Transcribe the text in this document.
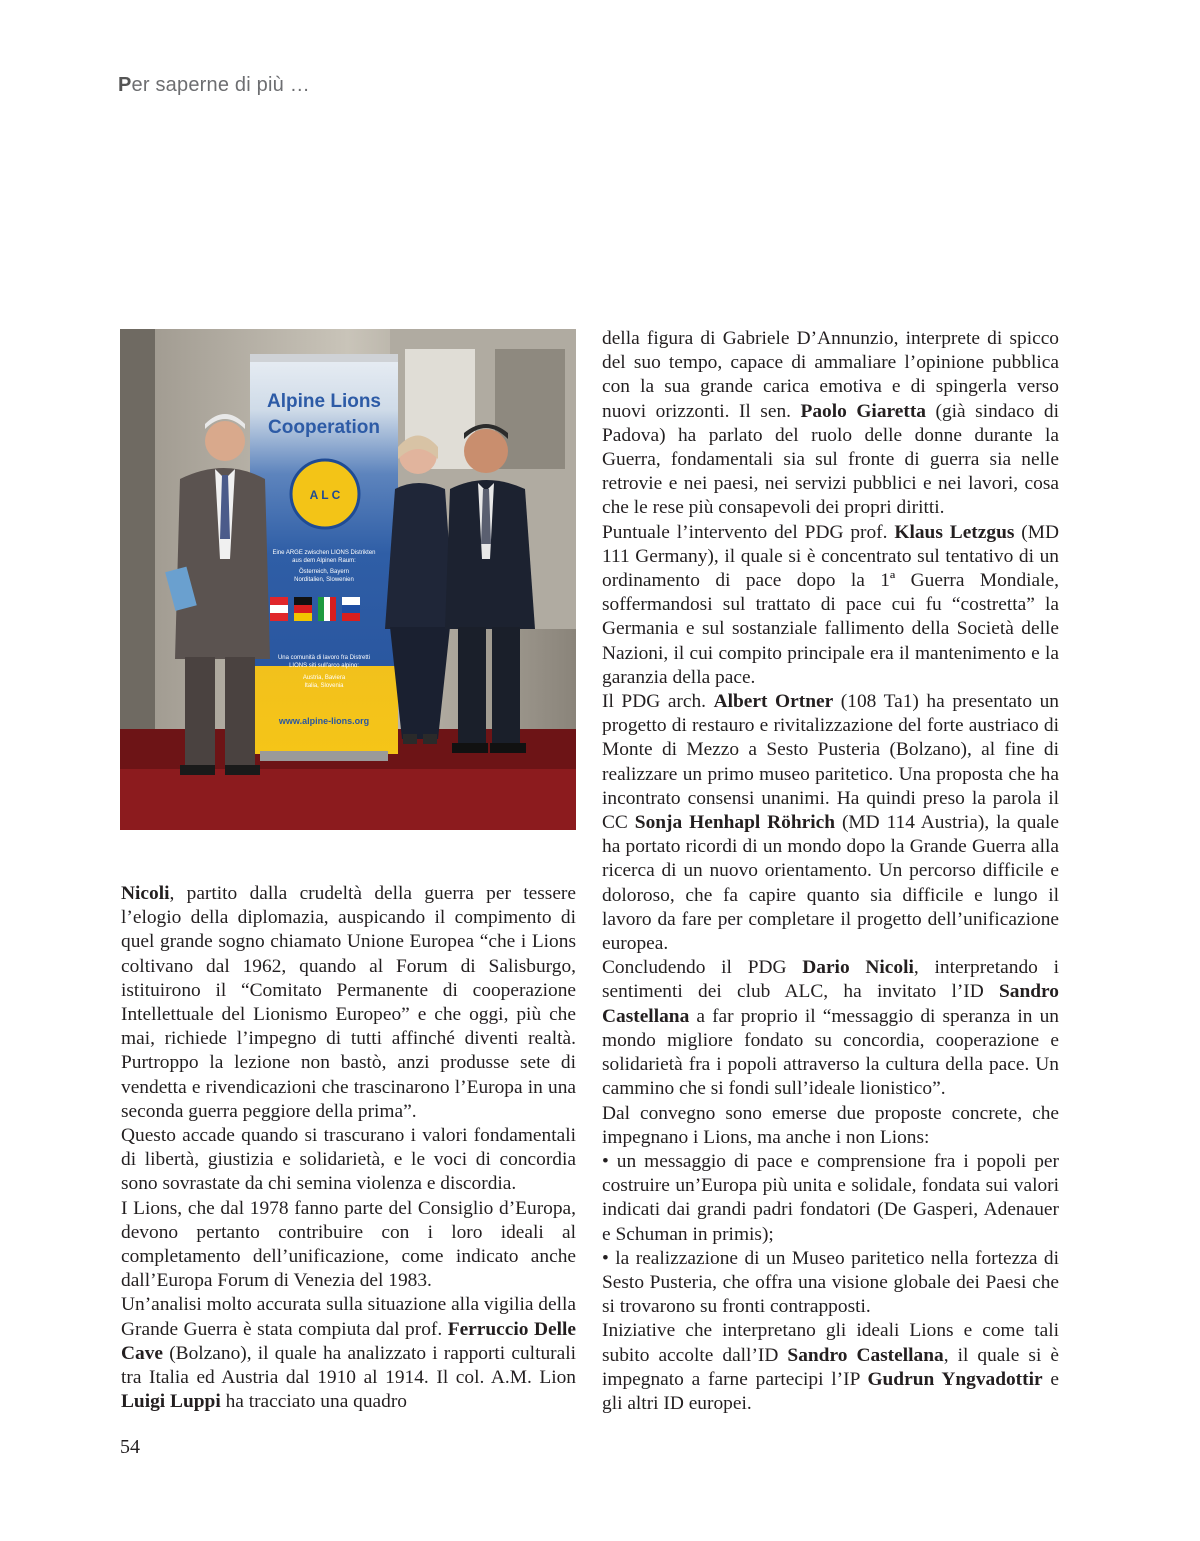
Per saperne di più …
Alpine Lions
Cooperation
A L C
Eine ARGE zwischen LIONS Distrikten
aus dem Alpinen Raum:
Österreich, Bayern
Norditalien, Slowenien
Una comunità di lavoro fra Distretti
LIONS siti sull'arco alpino:
Austria, Baviera
Italia, Slovenia
www.alpine-lions.org

Nicoli, partito dalla crudeltà della guerra per tessere l’elogio della diplomazia, auspicando il compimento di quel grande sogno chiamato Unione Europea “che i Lions coltivano dal 1962, quando al Forum di Salisburgo, istituirono il “Comitato Permanente di cooperazione Intellettuale del Lionismo Europeo” e che oggi, più che mai, richiede l’impegno di tutti affinché diventi realtà. Purtroppo la lezione non bastò, anzi produsse sete di vendetta e rivendicazioni che trascinarono l’Europa in una seconda guerra peggiore della prima”.

Questo accade quando si trascurano i valori fondamentali di libertà, giustizia e solidarietà, e le voci di concordia sono sovrastate da chi semina violenza e discordia.

I Lions, che dal 1978 fanno parte del Consiglio d’Europa, devono pertanto contribuire con i loro ideali al completamento dell’unificazione, come indicato anche dall’Europa Forum di Venezia del 1983.

Un’analisi molto accurata sulla situazione alla vigilia della Grande Guerra è stata compiuta dal prof. Ferruccio Delle Cave (Bolzano), il quale ha analizzato i rapporti culturali tra Italia ed Austria dal 1910 al 1914. Il col. A.M. Lion Luigi Luppi ha tracciato una quadro

della figura di Gabriele D’Annunzio, interprete di spicco del suo tempo, capace di ammaliare l’opinione pubblica con la sua grande carica emotiva e di spingerla verso nuovi orizzonti. Il sen. Paolo Giaretta (già sindaco di Padova) ha parlato del ruolo delle donne durante la Guerra, fondamentali sia sul fronte di guerra sia nelle retrovie e nei paesi, nei servizi pubblici e nei lavori, cosa che le rese più consapevoli dei propri diritti.

Puntuale l’intervento del PDG prof. Klaus Letzgus (MD 111 Germany), il quale si è concentrato sul tentativo di un ordinamento di pace dopo la 1ª Guerra Mondiale, soffermandosi sul trattato di pace cui fu “costretta” la Germania e sul sostanziale fallimento della Società delle Nazioni, il cui compito principale era il mantenimento e la garanzia della pace.

Il PDG arch. Albert Ortner (108 Ta1) ha presentato un progetto di restauro e rivitalizzazione del forte austriaco di Monte di Mezzo a Sesto Pusteria (Bolzano), al fine di realizzare un primo museo paritetico. Una proposta che ha incontrato consensi unanimi. Ha quindi preso la parola il CC Sonja Henhapl Röhrich (MD 114 Austria), la quale ha portato ricordi di un mondo dopo la Grande Guerra alla ricerca di un nuovo orientamento. Un percorso difficile e doloroso, che fa capire quanto sia difficile e lungo il lavoro da fare per completare il progetto dell’unificazione europea.

Concludendo il PDG Dario Nicoli, interpretando i sentimenti dei club ALC, ha invitato l’ID Sandro Castellana a far proprio il “messaggio di speranza in un mondo migliore fondato su concordia, cooperazione e solidarietà fra i popoli attraverso la cultura della pace. Un cammino che si fondi sull’ideale lionistico”.

Dal convegno sono emerse due proposte concrete, che impegnano i Lions, ma anche i non Lions:

• un messaggio di pace e comprensione fra i popoli per costruire un’Europa più unita e solidale, fondata sui valori indicati dai grandi padri fondatori (De Gasperi, Adenauer e Schuman in primis);

• la realizzazione di un Museo paritetico nella fortezza di Sesto Pusteria, che offra una visione globale dei Paesi che si trovarono su fronti contrapposti.

Iniziative che interpretano gli ideali Lions e come tali subito accolte dall’ID Sandro Castellana, il quale si è impegnato a farne partecipi l’IP Gudrun Yngvadottir e gli altri ID europei.

54
